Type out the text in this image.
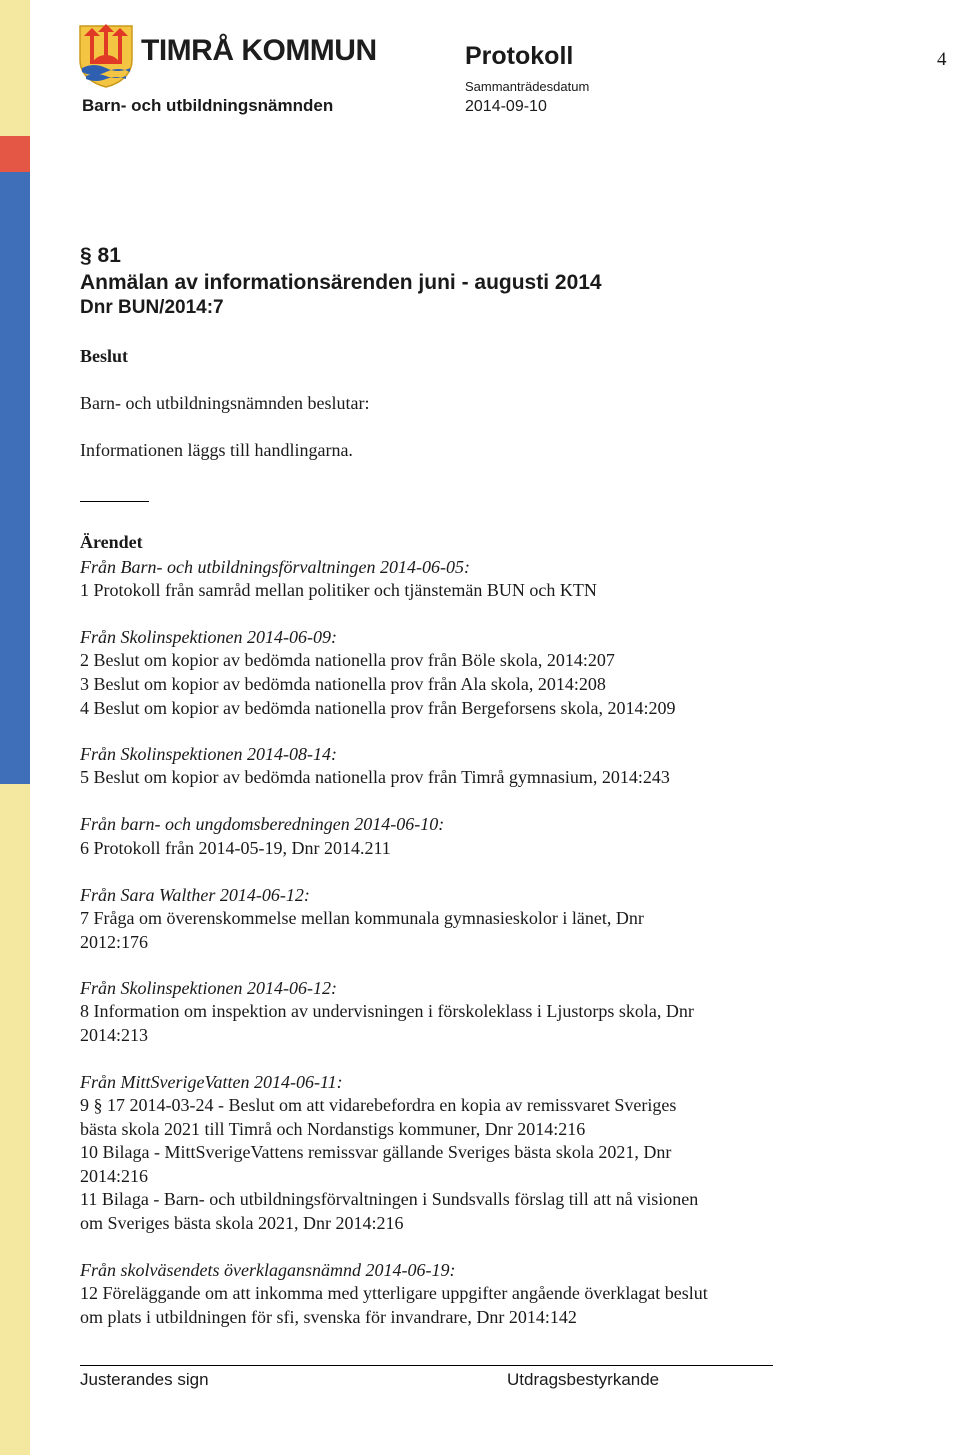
TIMRÅ KOMMUN
Barn- och utbildningsnämnden
Protokoll
Sammanträdesdatum
2014-09-10
4
§ 81
Anmälan av informationsärenden juni - augusti 2014
Dnr BUN/2014:7
Beslut
Barn- och utbildningsnämnden beslutar:
Informationen läggs till handlingarna.
Ärendet
Från Barn- och utbildningsförvaltningen 2014-06-05:
1 Protokoll från samråd mellan politiker och tjänstemän BUN och KTN
Från Skolinspektionen 2014-06-09:
2 Beslut om kopior av bedömda nationella prov från Böle skola, 2014:207
3 Beslut om kopior av bedömda nationella prov från Ala skola, 2014:208
4 Beslut om kopior av bedömda nationella prov från Bergeforsens skola, 2014:209
Från Skolinspektionen 2014-08-14:
5 Beslut om kopior av bedömda nationella prov från Timrå gymnasium, 2014:243
Från barn- och ungdomsberedningen 2014-06-10:
6 Protokoll från 2014-05-19, Dnr 2014.211
Från Sara Walther 2014-06-12:
7 Fråga om överenskommelse mellan kommunala gymnasieskolor i länet, Dnr
2012:176
Från Skolinspektionen 2014-06-12:
8 Information om inspektion av undervisningen i förskoleklass i Ljustorps skola, Dnr
2014:213
Från MittSverigeVatten 2014-06-11:
9 § 17 2014-03-24 - Beslut om att vidarebefordra en kopia av remissvaret Sveriges
bästa skola 2021 till Timrå och Nordanstigs kommuner, Dnr 2014:216
10 Bilaga - MittSverigeVattens remissvar gällande Sveriges bästa skola 2021, Dnr
2014:216
11 Bilaga - Barn- och utbildningsförvaltningen i Sundsvalls förslag till att nå visionen
om Sveriges bästa skola 2021, Dnr 2014:216
Från skolväsendets överklagansnämnd 2014-06-19:
12 Föreläggande om att inkomma med ytterligare uppgifter angående överklagat beslut
om plats i utbildningen för sfi, svenska för invandrare, Dnr 2014:142
Justerandes sign	Utdragsbestyrkande
